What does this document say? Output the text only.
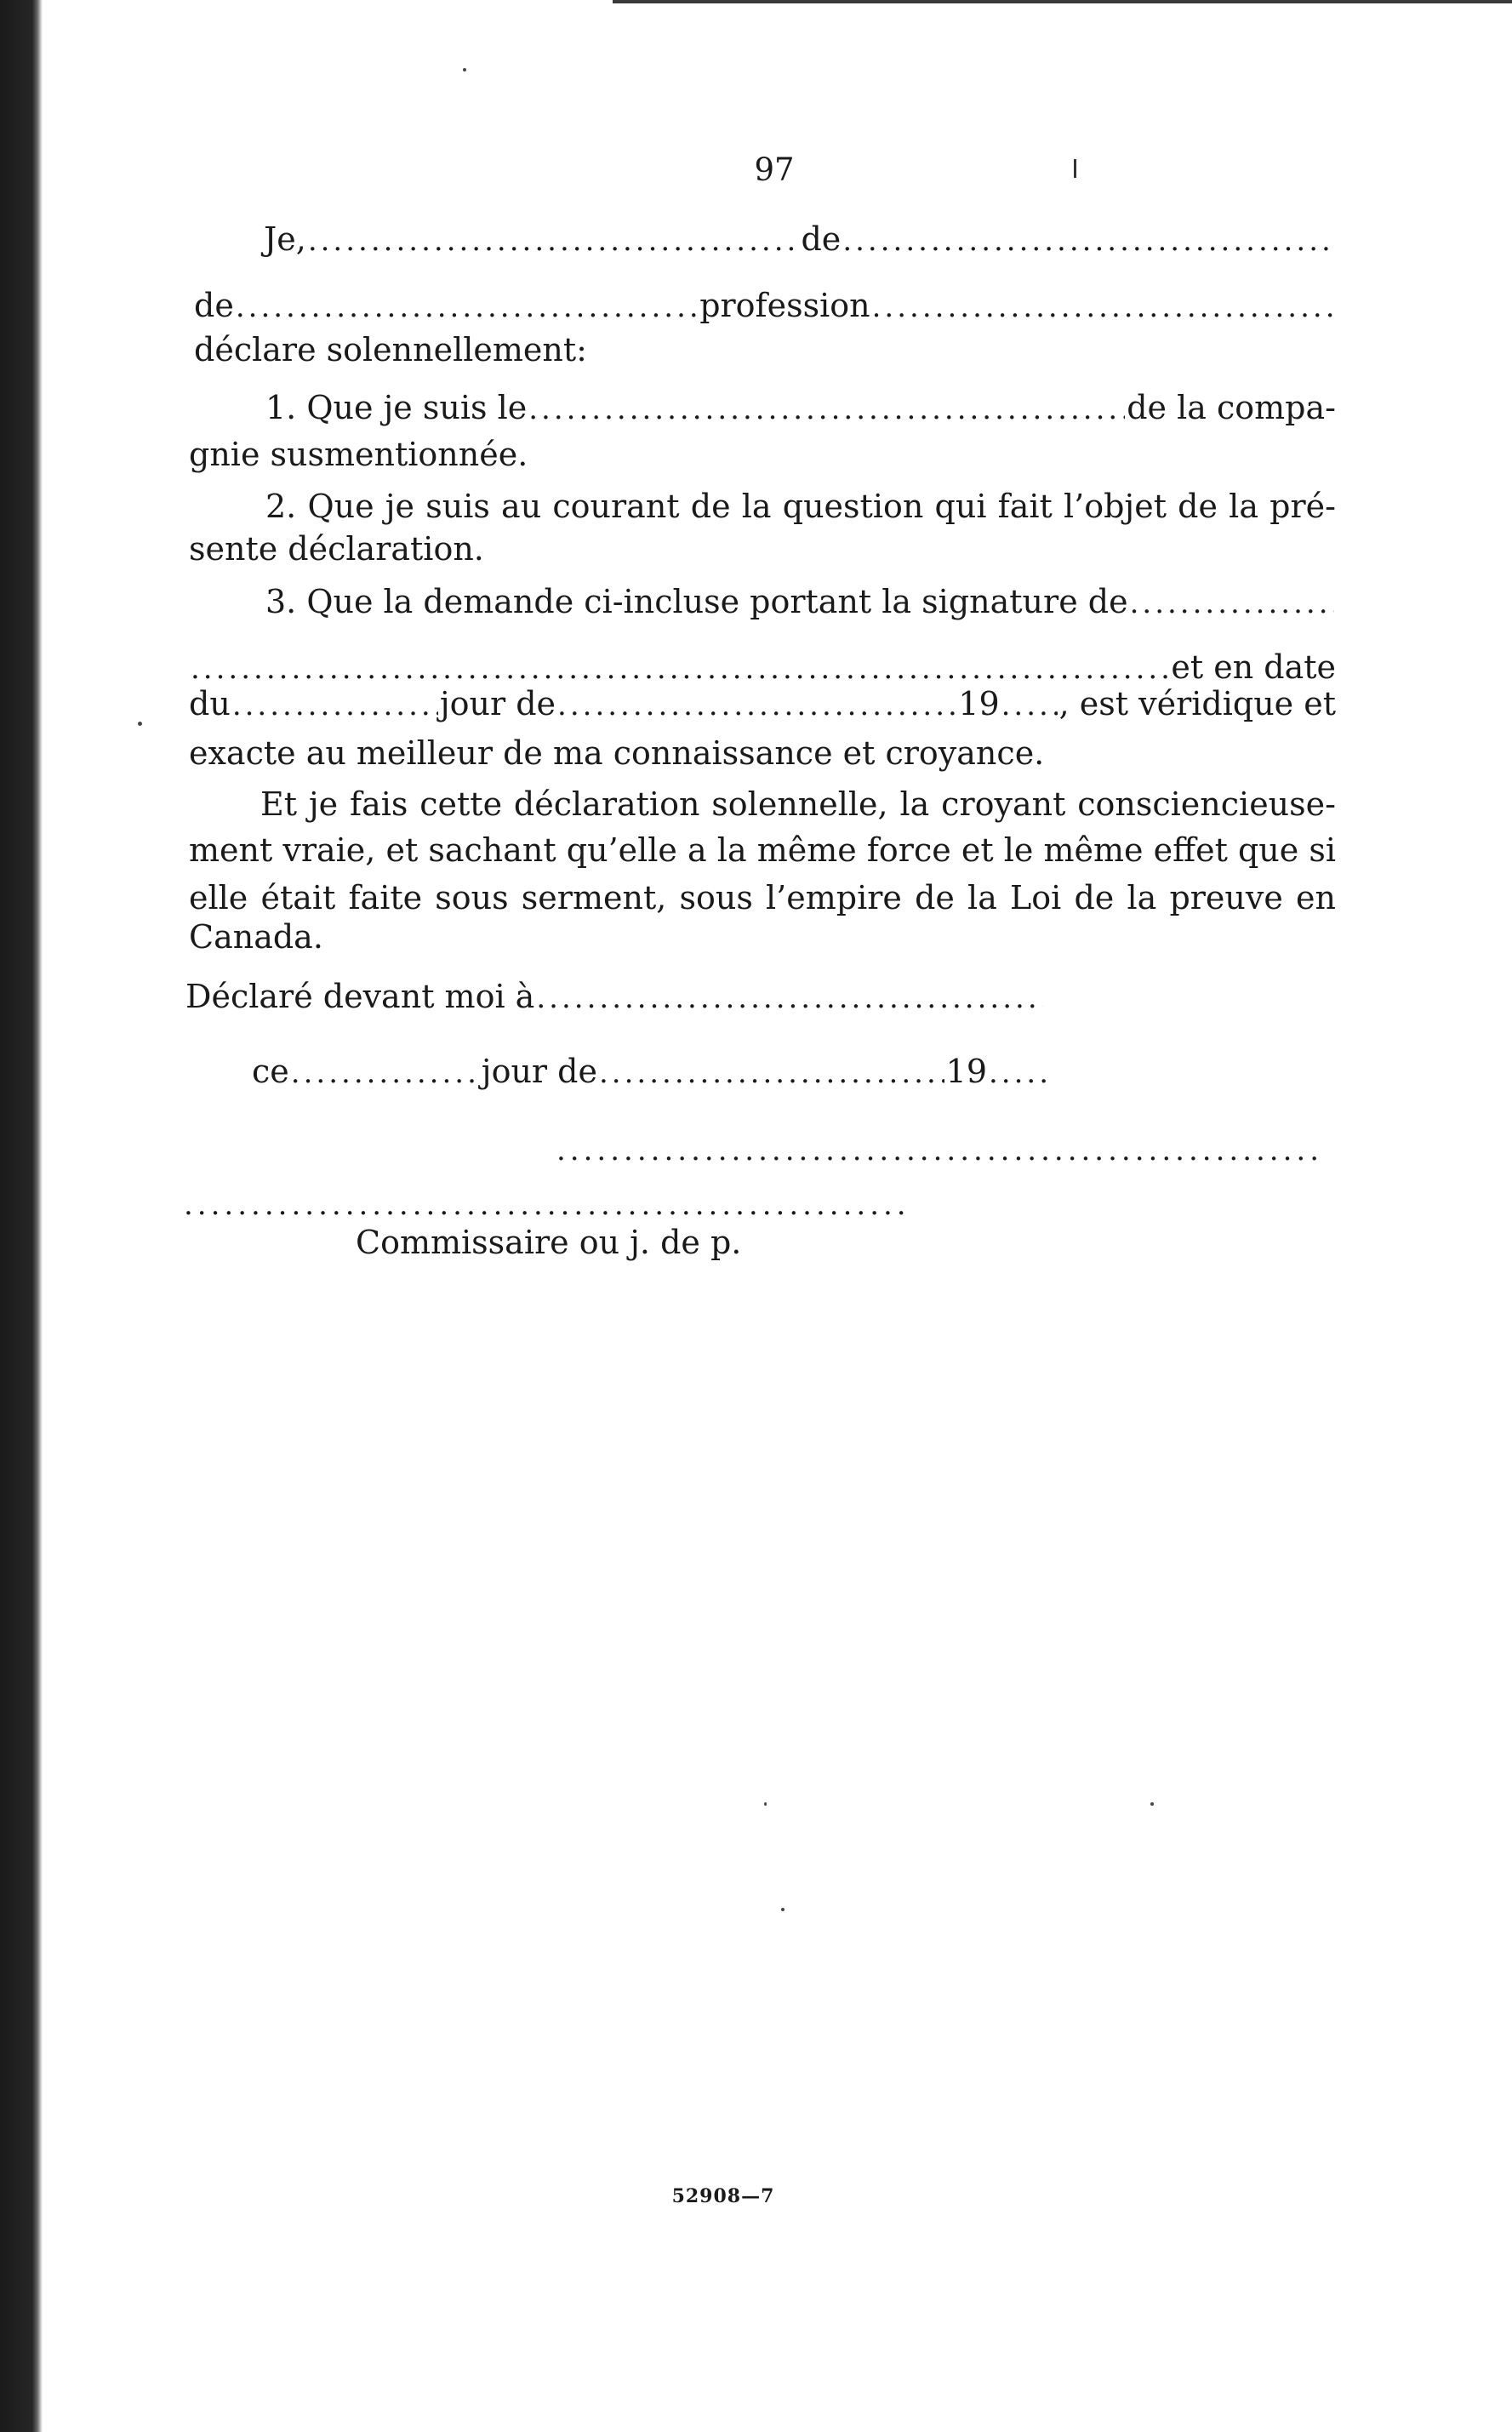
97
Je, .....	de
.....
de .....	profession
.....
déclare solennellement:
1. Que je suis le .....	de la compa-
gnie susmentionnée.
2. Que je suis au courant de la question qui fait l’objet de la pré-
sente déclaration.
3. Que la demande ci-incluse portant la signature de
.....
.....
et en date
du .....	jour de .....	19 ..... , est véridique et
exacte au meilleur de ma connaissance et croyance.
Et je fais cette déclaration solennelle, la croyant consciencieuse-
ment vraie, et sachant qu’elle a la même force et le même effet que si
elle était faite sous serment, sous l’empire de la Loi de la preuve en
Canada.
Déclaré devant moi à
.....
ce .....	jour de .....	19
.....
.....
.....
Commissaire ou j. de p.
52908—7
